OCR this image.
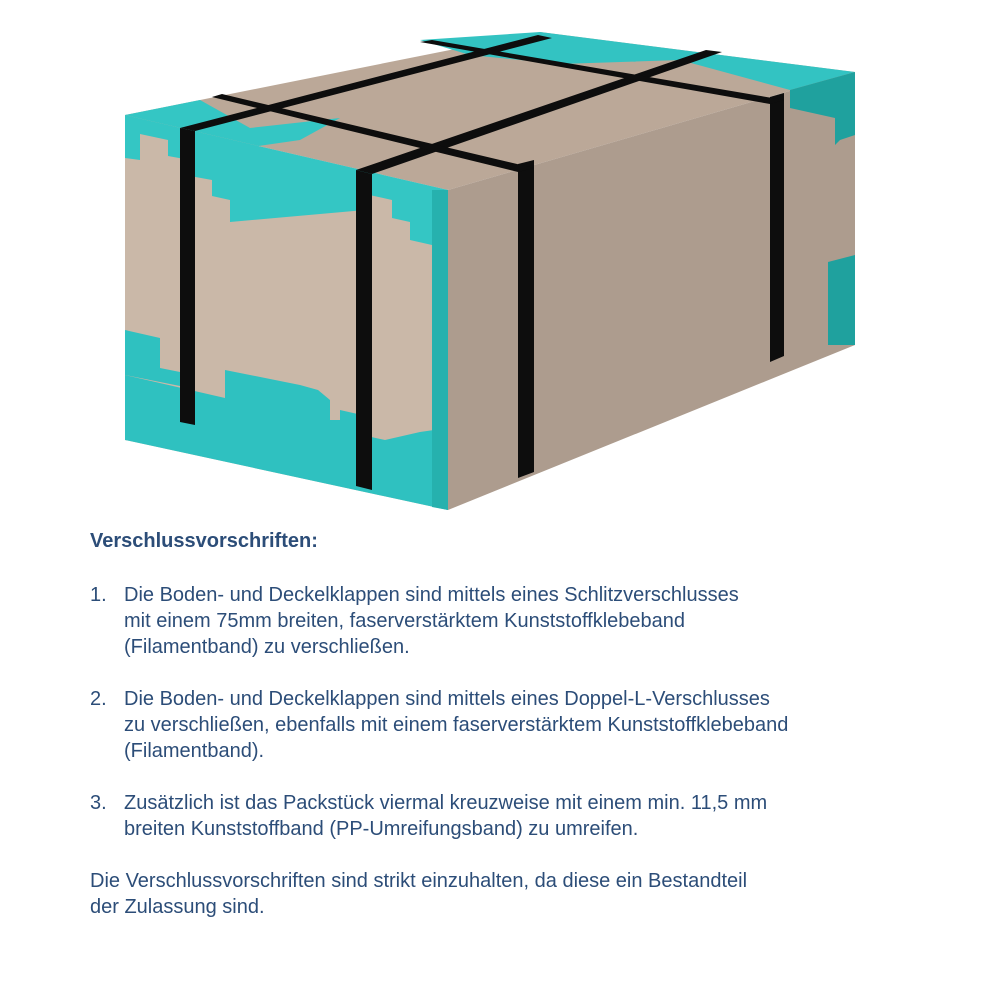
Verschlussvorschriften:

1. Die Boden- und Deckelklappen sind mittels eines Schlitzverschlusses
mit einem 75mm breiten, faserverstärktem Kunststoffklebeband
(Filamentband) zu verschließen.
2. Die Boden- und Deckelklappen sind mittels eines Doppel-L-Verschlusses
zu verschließen, ebenfalls mit einem faserverstärktem Kunststoffklebeband
(Filamentband).
3. Zusätzlich ist das Packstück viermal kreuzweise mit einem min. 11,5 mm
breiten Kunststoffband (PP-Umreifungsband) zu umreifen.

Die Verschlussvorschriften sind strikt einzuhalten, da diese ein Bestandteil
der Zulassung sind.
